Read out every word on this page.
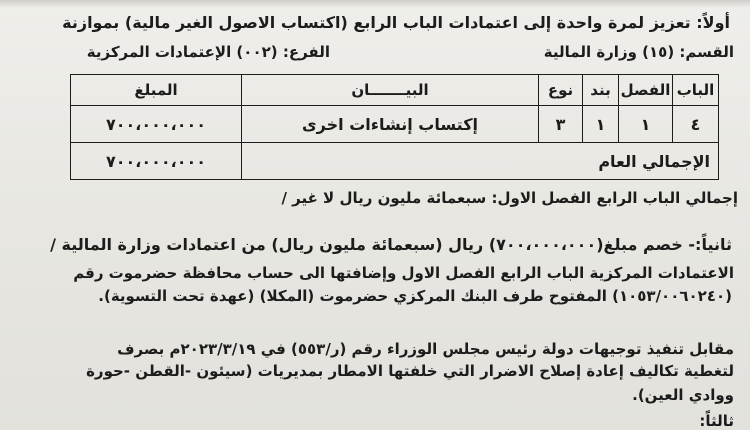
أولاً: تعزيز لمرة واحدة إلى اعتمادات الباب الرابع (اكتساب الاصول الغير مالية) بموازنة
القسم: (١٥) وزارة المالية
الفرع: (٠٠٢) الإعتمادات المركزية
الباب	الفصل	بند	نوع	البيـــــــان	المبلغ
٤	١	١	٣	إكتساب إنشاءات اخرى	٧٠٠،٠٠٠،٠٠٠
الإجمالي العام					٧٠٠،٠٠٠،٠٠٠
إجمالي الباب الرابع الفصل الاول: سبعمائة مليون ريال لا غير /
ثانياً:- خصم مبلغ(٧٠٠،٠٠٠،٠٠٠) ريال (سبعمائة مليون ريال) من اعتمادات وزارة المالية /
الاعتمادات المركزية الباب الرابع الفصل الاول وإضافتها الى حساب محافظة حضرموت رقم
(١٠٥٣/٠٠٦٠٢٤٠) المفتوح طرف البنك المركزي حضرموت (المكلا) (عهدة تحت التسوية).
مقابل تنفيذ توجيهات دولة رئيس مجلس الوزراء رقم (ر/٥٥٣) في ٢٠٢٣/٣/١٩م بصرف
لتغطية تكاليف إعادة إصلاح الاضرار التي خلفتها الامطار بمديريات (سيئون -القطن -حورة
ووادي العين).
ثالثاً:
